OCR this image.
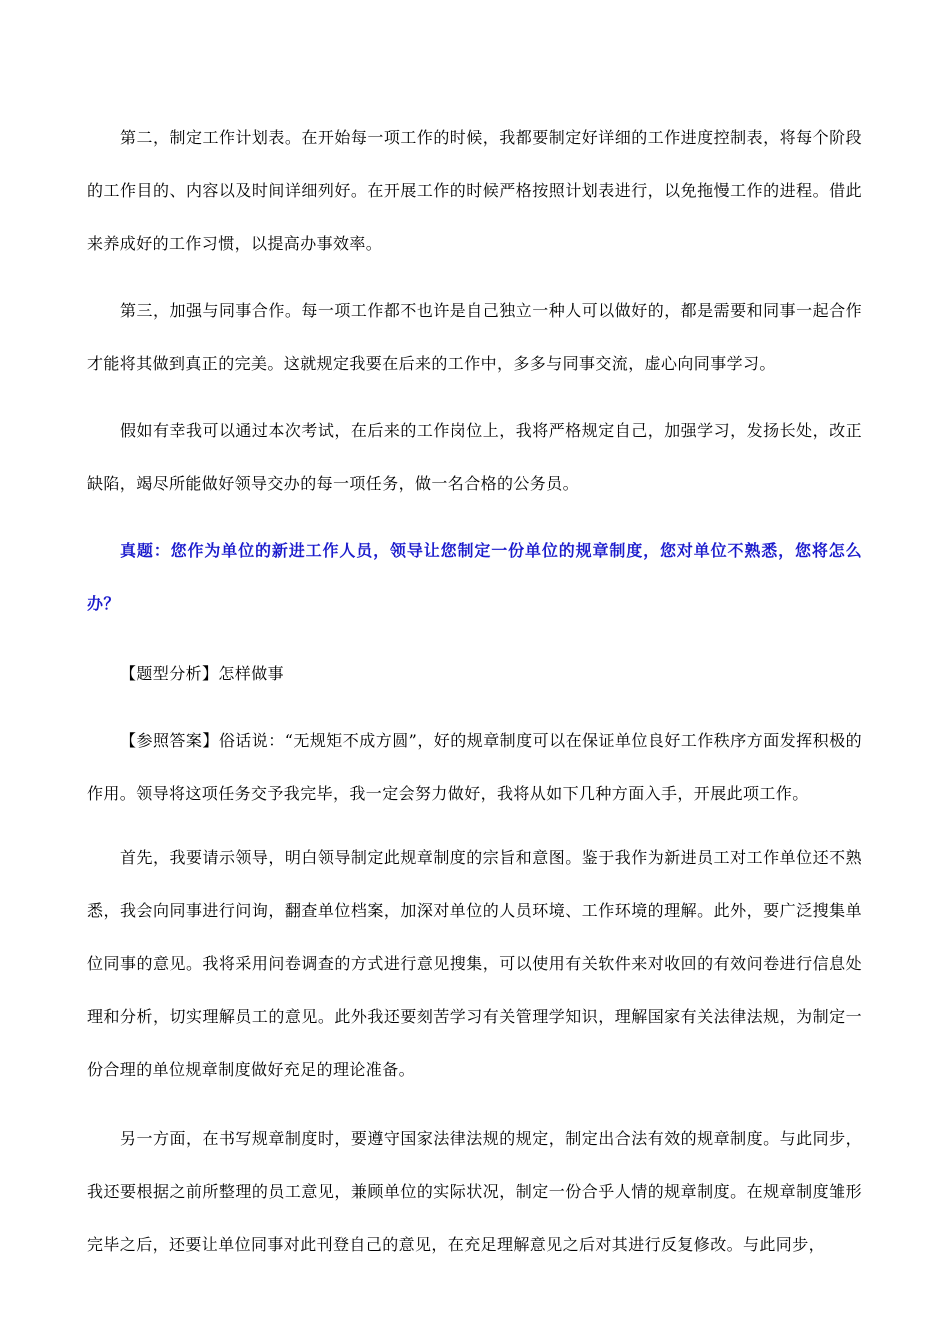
第二，制定工作计划表。在开始每一项工作的时候，我都要制定好详细的工作进度控制表，将每个阶段的工作目的、内容以及时间详细列好。在开展工作的时候严格按照计划表进行，以免拖慢工作的进程。借此来养成好的工作习惯，以提高办事效率。

第三，加强与同事合作。每一项工作都不也许是自己独立一种人可以做好的，都是需要和同事一起合作才能将其做到真正的完美。这就规定我要在后来的工作中，多多与同事交流，虚心向同事学习。

假如有幸我可以通过本次考试，在后来的工作岗位上，我将严格规定自己，加强学习，发扬长处，改正缺陷，竭尽所能做好领导交办的每一项任务，做一名合格的公务员。

真题：您作为单位的新进工作人员，领导让您制定一份单位的规章制度，您对单位不熟悉，您将怎么办？

【题型分析】怎样做事

【参照答案】俗话说：“无规矩不成方圆”，好的规章制度可以在保证单位良好工作秩序方面发挥积极的作用。领导将这项任务交予我完毕，我一定会努力做好，我将从如下几种方面入手，开展此项工作。

首先，我要请示领导，明白领导制定此规章制度的宗旨和意图。鉴于我作为新进员工对工作单位还不熟悉，我会向同事进行问询，翻查单位档案，加深对单位的人员环境、工作环境的理解。此外，要广泛搜集单位同事的意见。我将采用问卷调查的方式进行意见搜集，可以使用有关软件来对收回的有效问卷进行信息处理和分析，切实理解员工的意见。此外我还要刻苦学习有关管理学知识，理解国家有关法律法规，为制定一份合理的单位规章制度做好充足的理论准备。

另一方面，在书写规章制度时，要遵守国家法律法规的规定，制定出合法有效的规章制度。与此同步，我还要根据之前所整理的员工意见，兼顾单位的实际状况，制定一份合乎人情的规章制度。在规章制度雏形完毕之后，还要让单位同事对此刊登自己的意见，在充足理解意见之后对其进行反复修改。与此同步，
